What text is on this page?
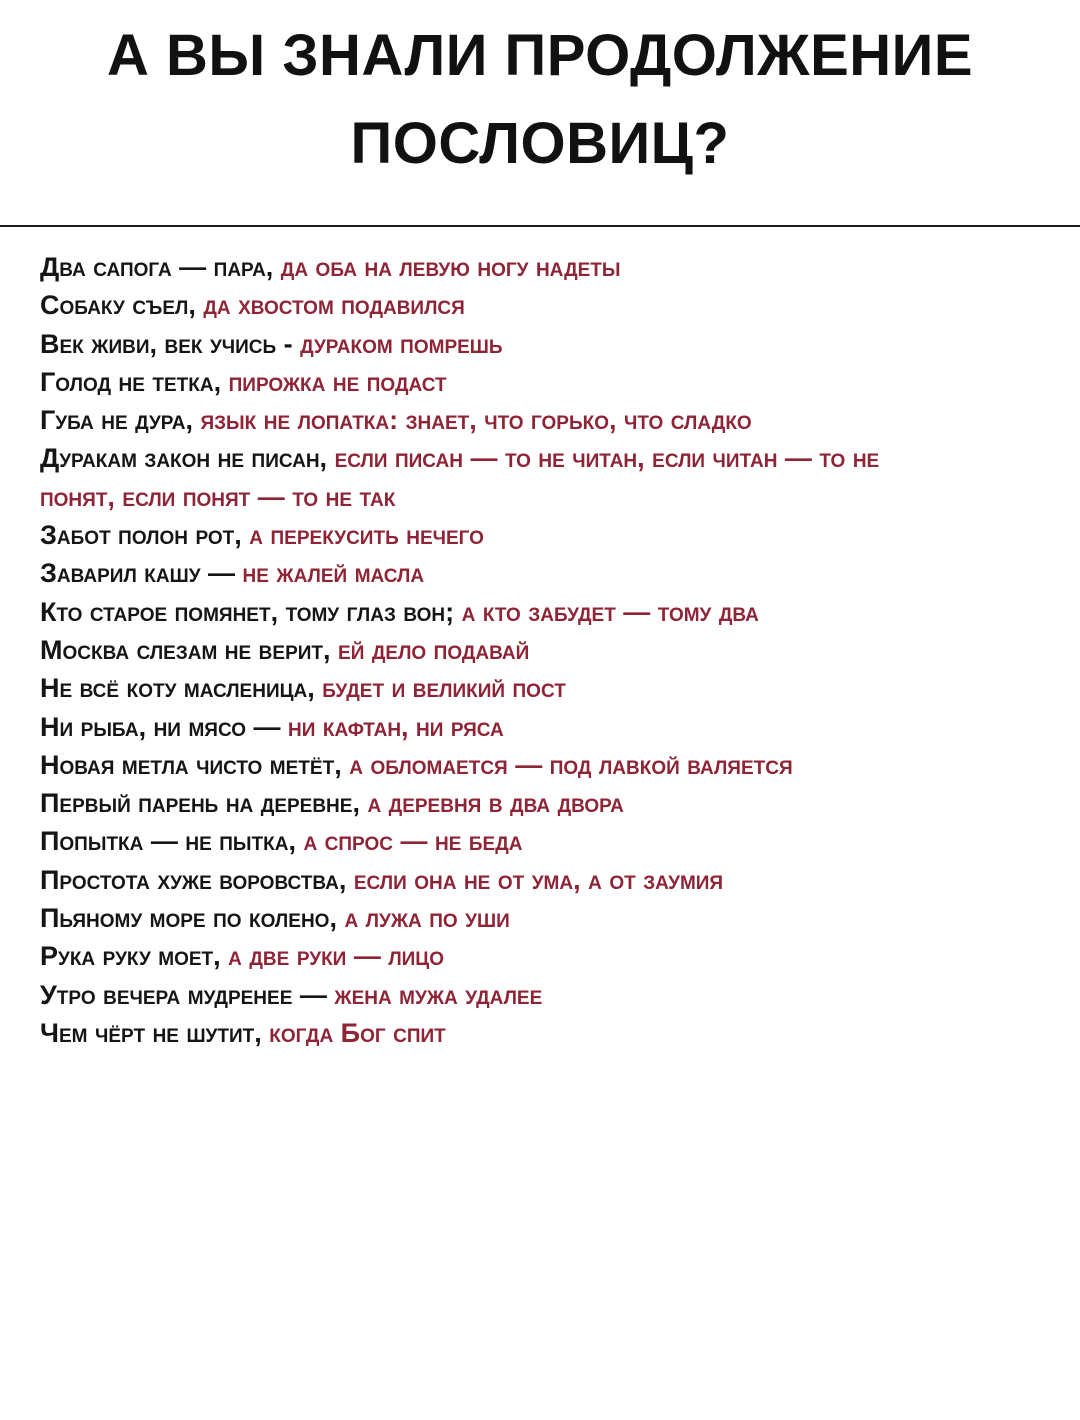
А ВЫ ЗНАЛИ ПРОДОЛЖЕНИЕ
ПОСЛОВИЦ?
Два сапога — пара, да оба на левую ногу надеты
Собаку съел, да хвостом подавился
Век живи, век учись - дураком помрешь
Голод не тетка, пирожка не подаст
Губа не дура, язык не лопатка: знает, что горько, что сладко
Дуракам закон не писан, если писан — то не читан, если читан — то не понят, если понят — то не так
Забот полон рот, а перекусить нечего
Заварил кашу — не жалей масла
Кто старое помянет, тому глаз вон; а кто забудет — тому два
Москва слезам не верит, ей дело подавай
Не всё коту масленица, будет и великий пост
Ни рыба, ни мясо — ни кафтан, ни ряса
Новая метла чисто метёт, а обломается — под лавкой валяется
Первый парень на деревне, а деревня в два двора
Попытка — не пытка, а спрос — не беда
Простота хуже воровства, если она не от ума, а от заумия
Пьяному море по колено, а лужа по уши
Рука руку моет, а две руки — лицо
Утро вечера мудренее — жена мужа удалее
Чем чёрт не шутит, когда Бог спит
